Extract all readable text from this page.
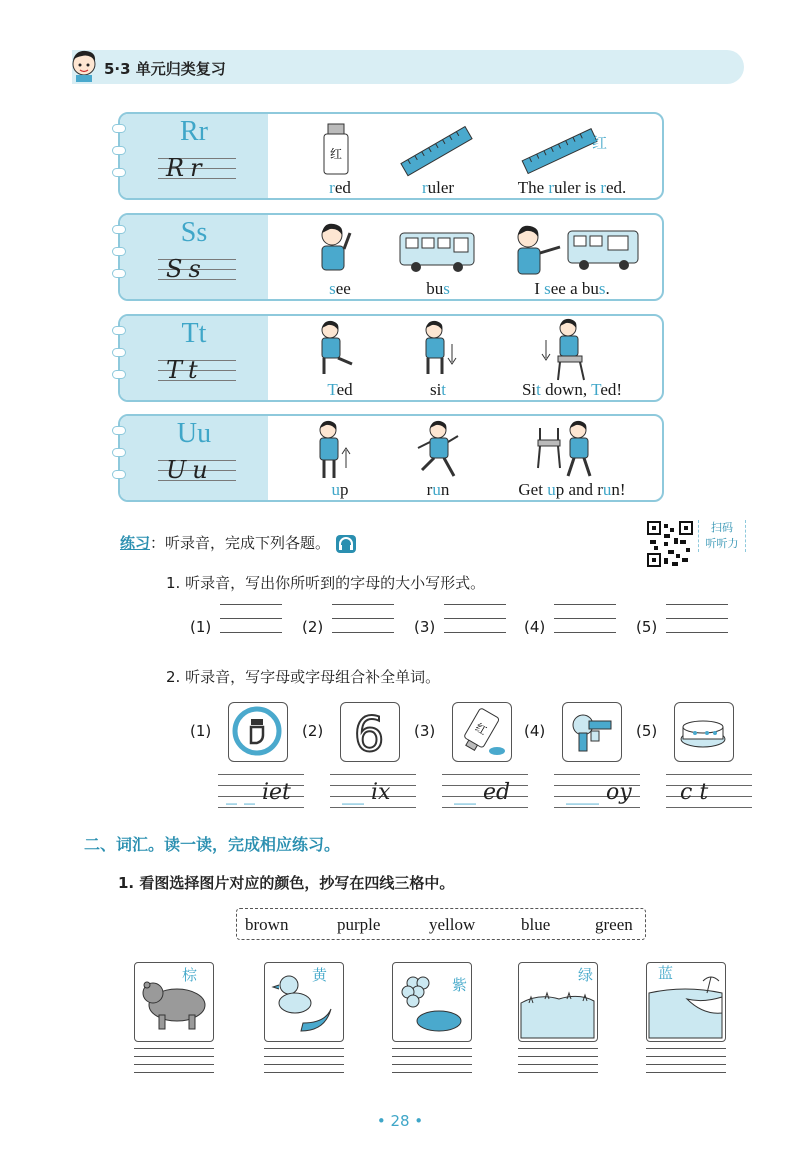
5·3 单元归类复习
Rr
Rr	红
红
red	ruler	The ruler is red.
Ss
Ss
see	bus	I see a bus.
Tt
Tt
Ted	sit	Sit down, Ted!
Uu
Uu
up	run	Get up and run!
练习：听录音，完成下列各题。
扫码
听听力
1. 听录音，写出你所听到的字母的大小写形式。
(1)	(2)	(3)	(4)	(5)
2. 听录音，写字母或字母组合补全单词。
(1)	(2) 6 (3)	红 (4)	(5)
_ _ iet __ ix	__ ed	___ oy c t
二、词汇。读一读，完成相应练习。
1. 看图选择图片对应的颜色，抄写在四线三格中。
brown	purple	yellow	blue	green
棕	黄
紫
绿	蓝
• 28 •
